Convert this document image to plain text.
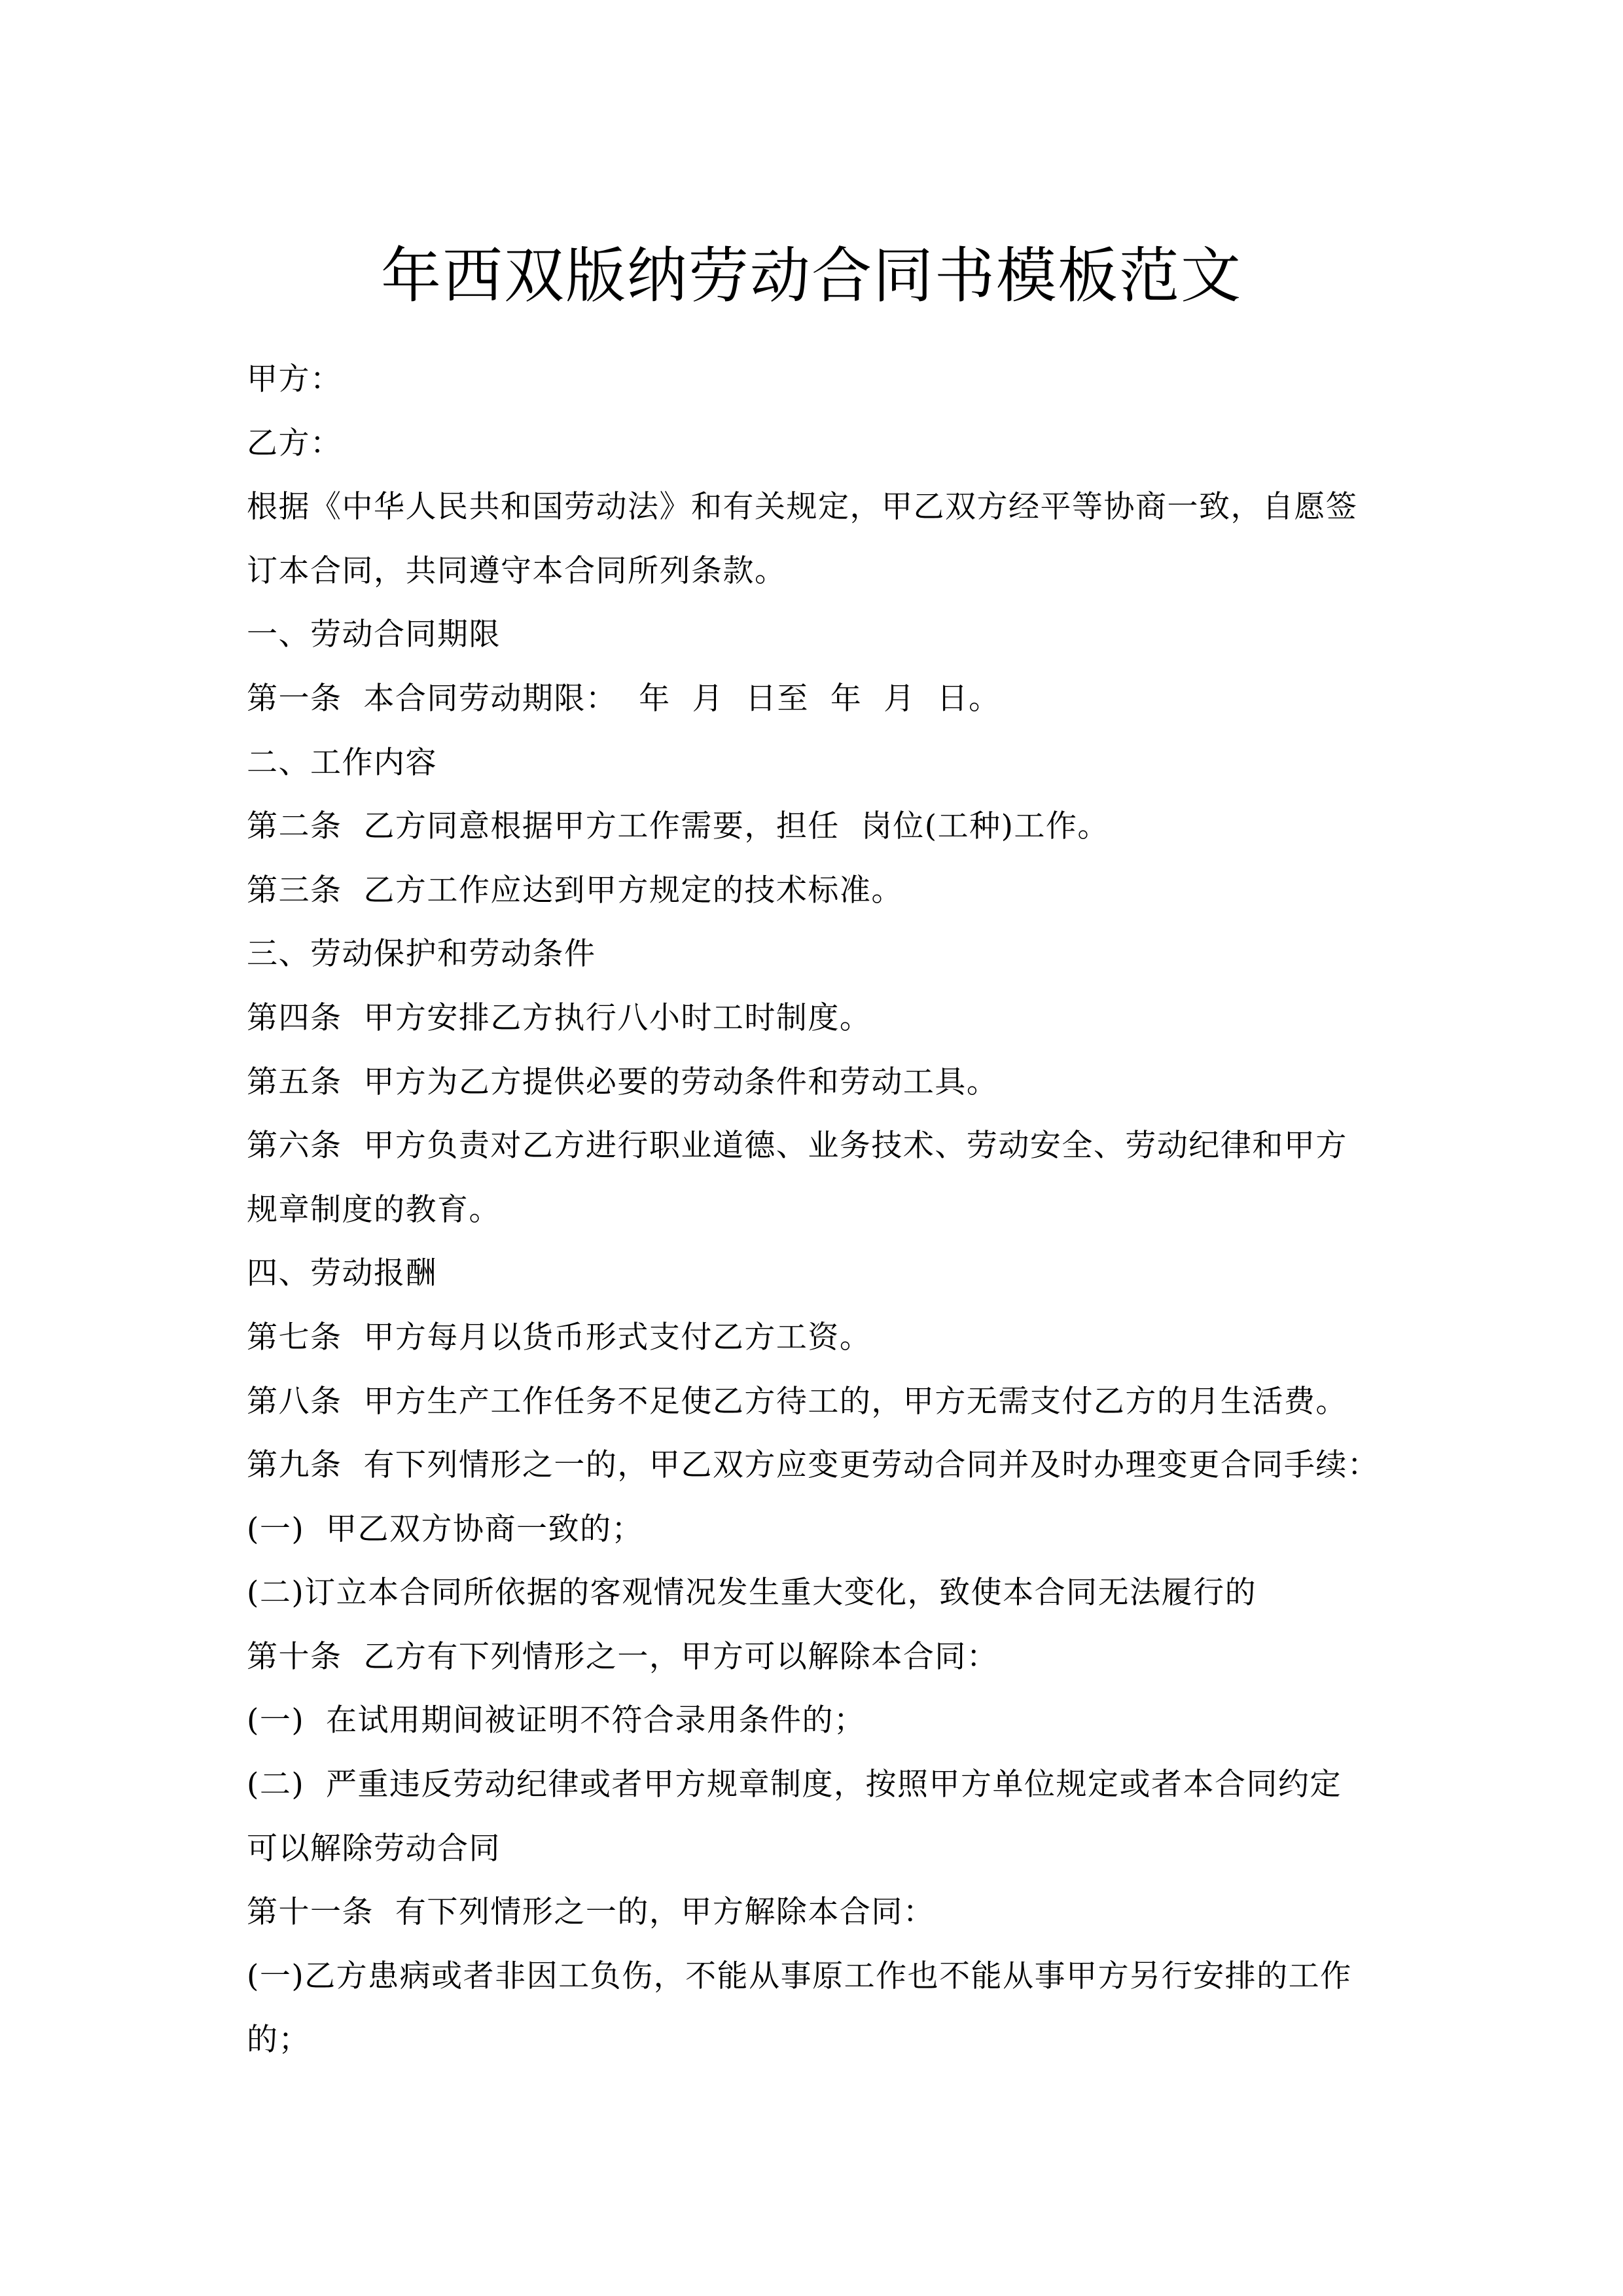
年西双版纳劳动合同书模板范文
甲方：
乙方：
根据《中华人民共和国劳动法》和有关规定，甲乙双方经平等协商一致，自愿签
订本合同，共同遵守本合同所列条款。
一、劳动合同期限
第一条  本合同劳动期限：  年  月  日至  年  月  日。
二、工作内容
第二条  乙方同意根据甲方工作需要，担任  岗位(工种)工作。
第三条  乙方工作应达到甲方规定的技术标准。
三、劳动保护和劳动条件
第四条  甲方安排乙方执行八小时工时制度。
第五条  甲方为乙方提供必要的劳动条件和劳动工具。
第六条  甲方负责对乙方进行职业道德、业务技术、劳动安全、劳动纪律和甲方
规章制度的教育。
四、劳动报酬
第七条  甲方每月以货币形式支付乙方工资。
第八条  甲方生产工作任务不足使乙方待工的，甲方无需支付乙方的月生活费。
第九条  有下列情形之一的，甲乙双方应变更劳动合同并及时办理变更合同手续：
(一)  甲乙双方协商一致的；
(二)订立本合同所依据的客观情况发生重大变化，致使本合同无法履行的
第十条  乙方有下列情形之一，甲方可以解除本合同：
(一)  在试用期间被证明不符合录用条件的；
(二)  严重违反劳动纪律或者甲方规章制度，按照甲方单位规定或者本合同约定
可以解除劳动合同
第十一条  有下列情形之一的，甲方解除本合同：
(一)乙方患病或者非因工负伤，不能从事原工作也不能从事甲方另行安排的工作
的；
